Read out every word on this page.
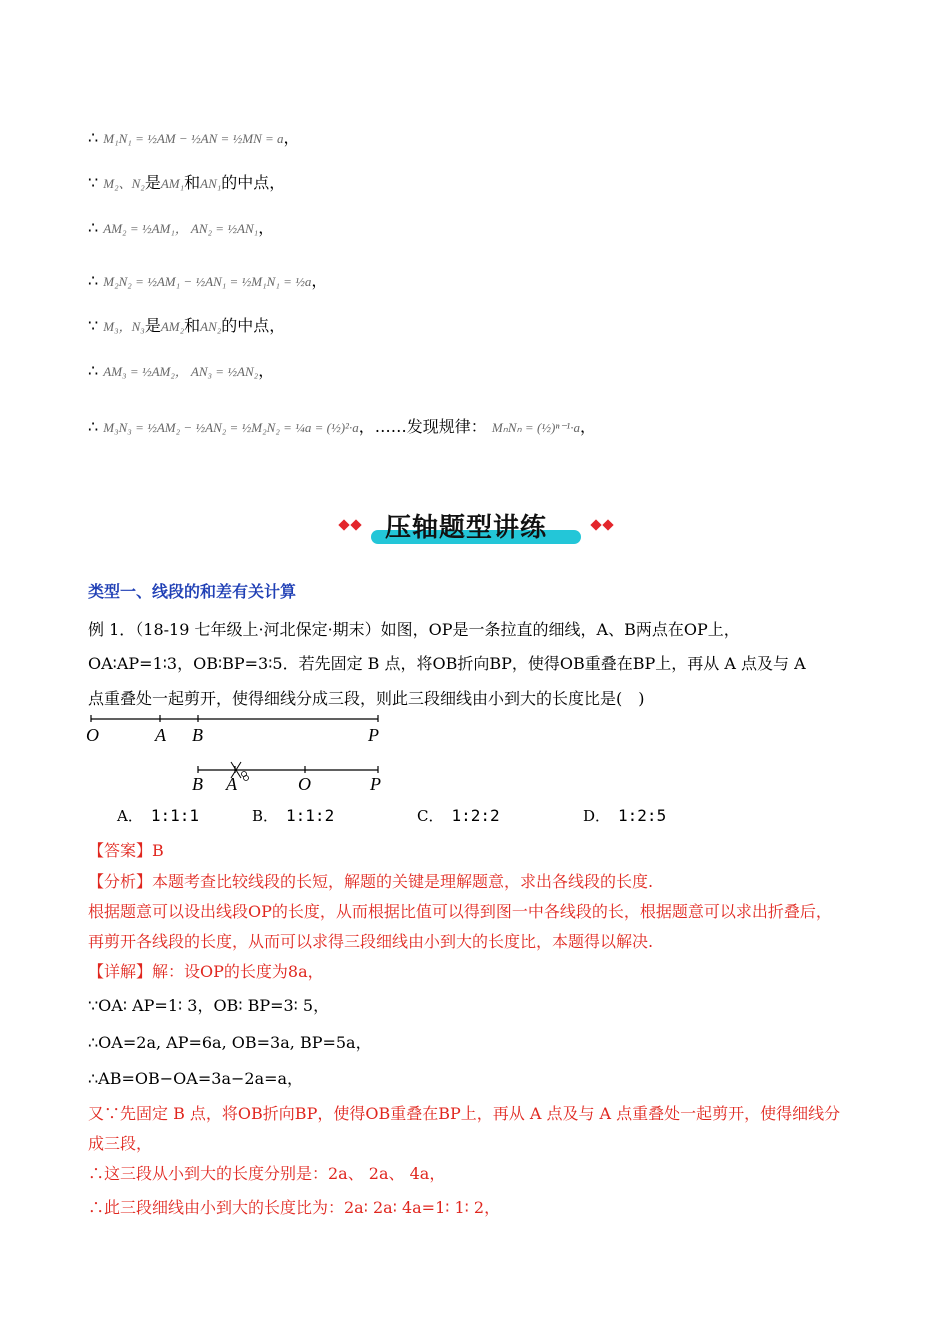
∴ M₁N₁ = ½AM − ½AN = ½MN = a，
∵ M₂、N₂是AM₁和AN₁的中点，
∴ AM₂ = ½AM₁， AN₂ = ½AN₁，
∴ M₂N₂ = ½AM₁ − ½AN₁ = ½M₁N₁ = ½a，
∵ M₃，N₃是AM₂和AN₂的中点，
∴ AM₃ = ½AM₂， AN₃ = ½AN₂，
∴ M₃N₃ = ½AM₂ − ½AN₂ = ½M₂N₂ = ¼a = (½)²·a，……发现规律： MₙNₙ = (½)ⁿ⁻¹·a，
压轴题型讲练
类型一、线段的和差有关计算
例 1．（18-19 七年级上·河北保定·期末）如图，OP是一条拉直的细线，A、B两点在OP上，
OA∶AP=1∶3，OB∶BP=3∶5．若先固定 B 点，将OB折向BP，使得OB重叠在BP上，再从 A 点及与 A
点重叠处一起剪开，使得细线分成三段，则此三段细线由小到大的长度比是(　)
O	A B	P
B A	O	P
A． 1:1:1	B． 1:1:2	C． 1:2:2	D． 1:2:5
【答案】B
【分析】本题考查比较线段的长短，解题的关键是理解题意，求出各线段的长度.
根据题意可以设出线段OP的长度，从而根据比值可以得到图一中各线段的长，根据题意可以求出折叠后，
再剪开各线段的长度，从而可以求得三段细线由小到大的长度比，本题得以解决.
【详解】解：设OP的长度为8a，
∵OA∶ AP=1∶ 3，OB∶ BP=3∶ 5，
∴OA=2a, AP=6a, OB=3a, BP=5a，
∴AB=OB−OA=3a−2a=a，
又∵先固定 B 点，将OB折向BP，使得OB重叠在BP上，再从 A 点及与 A 点重叠处一起剪开，使得细线分
成三段，
∴这三段从小到大的长度分别是：2a、 2a、 4a，
∴此三段细线由小到大的长度比为：2a∶ 2a∶ 4a=1∶ 1∶ 2，
